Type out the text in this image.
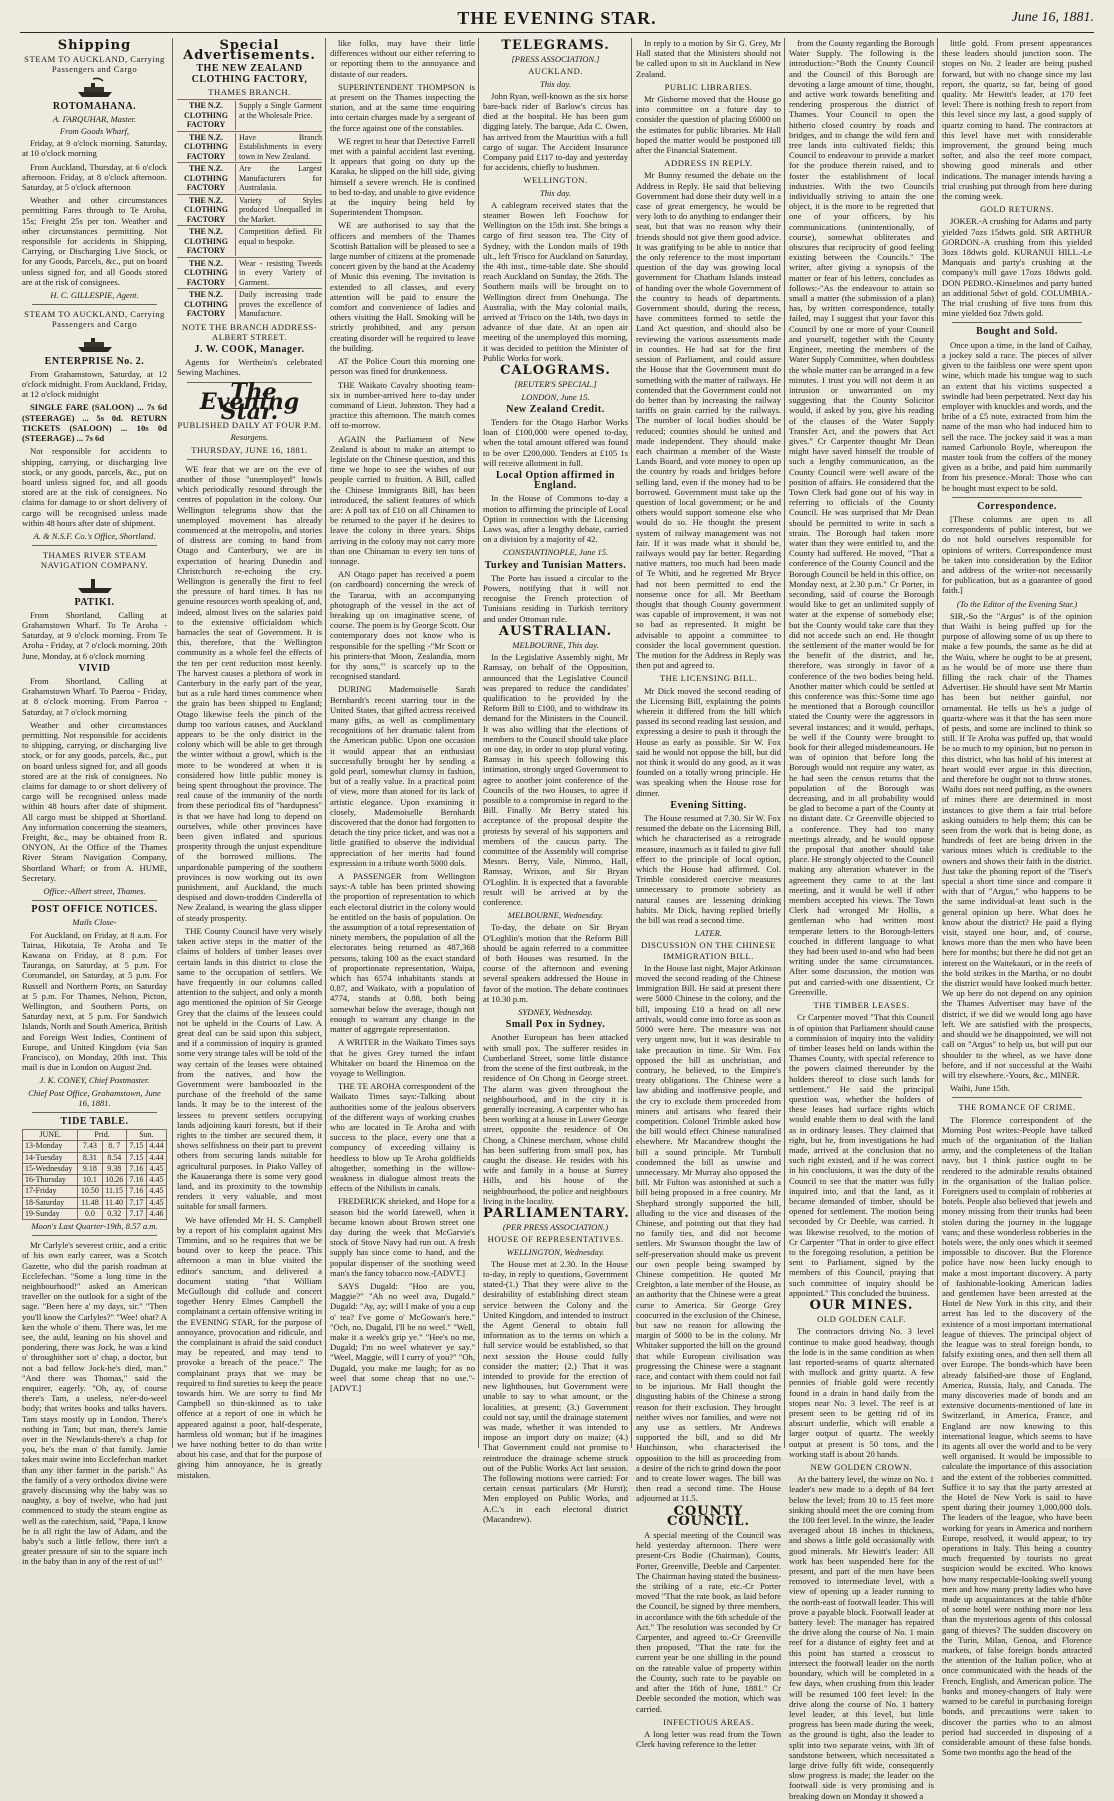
THE EVENING STAR.	June 16, 1881.

Shipping

STEAM TO AUCKLAND, Carrying Passengers and Cargo

ROTOMAHANA.

A. FARQUHAR, Master.

From Goods Wharf,

Friday, at 9 o'clock morning. Saturday, at 10 o'clock morning

From Auckland, Thursday, at 6 o'clock afternoon. Friday, at 8 o'clock afternoon. Saturday, at 5 o'clock afternoon

Weather and other circumstances permitting Fares through to Te Aroha, 15s; Freight 25s per ton. Weather and other circumstances permitting. Not responsible for accidents in Shipping, Carrying, or Discharging Live Stock, or for any Goods, Parcels, &c., put on board unless signed for, and all Goods stored are at the risk of consignees.

H. C. GILLESPIE, Agent.

STEAM TO AUCKLAND, Carrying Passengers and Cargo

ENTERPRISE No. 2.

From Grahamstown, Saturday, at 12 o'clock midnight. From Auckland, Friday, at 12 o'clock midnight

SINGLE FARE (SALOON) ... 7s 6d (STEERAGE) ... 5s 0d. RETURN TICKETS (SALOON) ... 10s 0d (STEERAGE) ... 7s 6d

Not responsible for accidents to shipping, carrying, or discharging live stock, or any goods, parcels, &c., put on board unless signed for, and all goods stored are at the risk of consignees. No claims for damage to or short delivery of cargo will be recognised unless made within 48 hours after date of shipment.

A. & N.S.F. Co.'s Office, Shortland.

THAMES RIVER STEAM NAVIGATION COMPANY.

PATIKI.

From Shortland, Calling at Grahamstown Wharf. To Te Aroha - Saturday, at 9 o'clock morning. From Te Aroha - Friday, at 7 o'clock morning. 20th June, Monday, at 6 o'clock morning

VIVID

From Shortland, Calling at Grahamstown Wharf. To Paeroa - Friday, at 8 o'clock morning. From Paeroa - Saturday, at 7 o'clock morning

Weather and other circumstances permitting. Not responsible for accidents to shipping, carrying, or discharging live stock, or for any goods, parcels, &c., put on board unless signed for, and all goods stored are at the risk of consignees. No claims for damage to or short delivery of cargo will be recognised unless made within 48 hours after date of shipment. All cargo must be shipped at Shortland. Any information concerning the steamers, Freight, &c., may be obtained from R. ONYON, At the Office of the Thames River Steam Navigation Company, Shortland Wharf; or from A. HUME, Secretary.

Office:-Albert street, Thames.

POST OFFICE NOTICES.

Mails Close-

For Auckland, on Friday, at 8 a.m. For Tairua, Hikutaia, Te Aroha and Te Kawana on Friday, at 8 p.m. For Tauranga, on Saturday, at 5 p.m. For Coromandel, on Saturday, at 5 p.m. For Russell and Northern Ports, on Saturday at 5 p.m. For Thames, Nelson, Picton, Wellington, and Southern Ports, on Saturday next, at 5 p.m. For Sandwich Islands, North and South America, British and Foreign West Indies, Continent of Europe, and United Kingdom (via San Francisco), on Monday, 20th inst. This mail is due in London on August 2nd.

J. K. CONEY, Chief Postmaster.

Chief Post Office, Grahamstown, June 16, 1881.

TIDE TABLE.

JUNE.	Prid.		Sun.	
13-Monday	7.43	8. 7	7.15	4.44
14-Tuesday	8.31	8.54	7.15	4.44
15-Wednesday	9.18	9.38	7.16	4.45
16-Thursday	10.1	10.26	7.16	4.45
17-Friday	10.50	11.15	7.16	4.45
18-Saturday	11.48	11.40	7.17	4.45
19-Sunday	0.0	0.32	7.17	4.46

Moon's Last Quarter-19th, 8.57 a.m.

Mr Carlyle's severest critic, and a critic of his own early career, was a Scotch Gazette, who did the parish roadman at Ecclefechan. "Some a long time in the neighbourhood!" asked an American traveller on the outlook for a sight of the sage. "Been here a' my days, sir." "Then you'll know the Carlyles?" "Wee! ohat? A ken the whole o' them. There was, let me see, the auld, leaning on his shovel and pondering, there was Jock, he was a kind o' throughither sort o' chap, a doctor, but not a bad fellow Jock-he's died, man." "And there was Thomas," said the enquirer, eagerly. "Oh, ay, of course there's Tam, a useless, ne'er-do-weel body; that writes books and talks havers. Tam stays mostly up in London. There's nothing in Tam; but man, there's Jamie over in the Newlands-there's a chap for you, he's the man o' that family. Jamie takes mair swine into Ecclefechan market than any ither farmer in the parish." As the family of a very orthodox divine were gravely discussing why the baby was so naughty, a boy of twelve, who had just commenced to study the steam engine as well as the catechism, said, "Papa, I know he is all right the law of Adam, and the baby's such a little fellow, there isn't a greater pressure of sin to the square inch in the baby than in any of the rest of us!"

Special Advertisements.

THE NEW ZEALAND CLOTHING FACTORY,

THAMES BRANCH.

THE N.Z. CLOTHING FACTORY
Supply a Single Garment at the Wholesale Price.
THE N.Z. CLOTHING FACTORY
Have Branch Establishments in every town in New Zealand.
THE N.Z. CLOTHING FACTORY
Are the Largest Manufacturers for Australasia.
THE N.Z. CLOTHING FACTORY
Variety of Styles produced Unequalled in the Market.
THE N.Z. CLOTHING FACTORY
Competition defied. Fit equal to bespoke.
THE N.Z. CLOTHING FACTORY
Wear - resisting Tweeds in every Variety of Garment.
THE N.Z. CLOTHING FACTORY
Daily increasing trade proves the excellence of Manufacture.

NOTE THE BRANCH ADDRESS- ALBERT STREET.

J. W. COOK, Manager.

Agents for Wertheim's celebrated Sewing Machines.

The Evening Star.

PUBLISHED DAILY AT FOUR P.M.

Resurgens.

THURSDAY, JUNE 16, 1881.

WE fear that we are on the eve of another of those "unemployed" howls which periodically resound through the centres of population in the colony. Our Wellington telegrams show that the unemployed movement has already commenced at the metropolis, and stories of distress are coming to hand from Otago and Canterbury, we are in expectation of hearing Dunedin and Christchurch re-echoing the cry. Wellington is generally the first to feel the pressure of hard times. It has no genuine resources worth speaking of, and, indeed, almost lives on the salaries paid to the extensive officialdom which barnacles the seat of Government. It is this, therefore, that the Wellington community as a whole feel the effects of the ten per cent reduction most keenly. The harvest causes a plethora of work in Canterbury in the early part of the year, but as a rule hard times commence when the grain has been shipped to England; Otago likewise feels the pinch of the dump too various causes, and Auckland appears to be the only district in the colony which will be able to get through the winter without a growl, which is the more to be wondered at when it is considered how little public money is being spent throughout the province. The real cause of the immunity of the north from these periodical fits of "hardupness" is that we have had long to depend on ourselves, while other provinces have been given inflated and spurious prosperity through the unjust expenditure of the borrowed millions. The unpardonable pampering of the southern provinces is now working out its own punishment, and Auckland, the much despised and down-trodden Cinderella of New Zealand, is wearing the glass slipper of steady prosperity.

THE County Council have very wisely taken active steps in the matter of the claims of holders of timber leases over certain lands in this district to close the same to the occupation of settlers. We have frequently in our columns called attention to the subject, and only a month ago mentioned the opinion of Sir George Grey that the claims of the lessees could not be upheld in the Courts of Law. A great deal can be said upon this subject, and if a commission of inquiry is granted some very strange tales will be told of the way certain of the leases were obtained from the natives, and how the Government were bamboozled in the purchase of the freehold of the same lands. It may be to the interest of the lessees to prevent settlers occupying lands adjoining kauri forests, but if their rights to the timber are secured them, it shows selfishness on their part to prevent others from securing lands suitable for agricultural purposes. In Piako Valley of the Kauaeranga there is some very good land, and its proximity to the township renders it very valuable, and most suitable for small farmers.

We have offended Mr H. S. Campbell by a report of his complaint against Mrs Timmins, and so he requires that we be bound over to keep the peace. This afternoon a man in blue visited the editor's sanctum, and delivered a document stating "that William McGullough did collude and concert together Henry Elmes Campbell the complainant a certain offensive writing in the EVENING STAR, for the purpose of annoyance, provocation and ridicule, and the complainant is afraid the said conduct may be repeated, and may tend to provoke a breach of the peace." The complainant prays that we may be required to find sureties to keep the peace towards him. We are sorry to find Mr Campbell so thin-skinned as to take offence at a report of one in which he appeared against a poor, half-desperate, harmless old woman; but if he imagines we have nothing better to do than write about his case, and that for the purpose of giving him annoyance, he is greatly mistaken.

like folks, may have their little differences without our either referring to or reporting them to the annoyance and distaste of our readers.

SUPERINTENDENT THOMPSON is at present on the Thames inspecting the station, and at the same time enquiring into certain charges made by a sergeant of the force against one of the constables.

WE regret to hear that Detective Farrell met with a painful accident last evening. It appears that going on duty up the Karaka, he slipped on the hill side, giving himself a severe wrench. He is confined to bed to-day, and unable to give evidence at the inquiry being held by Superintendent Thompson.

WE are authorised to say that the officers and members of the Thames Scottish Battalion will be pleased to see a large number of citizens at the promenade concert given by the band at the Academy of Music this evening. The invitation is extended to all classes, and every attention will be paid to ensure the comfort and convenience of ladies and others visiting the Hall. Smoking will be strictly prohibited, and any person creating disorder will be required to leave the building.

AT the Police Court this morning one person was fined for drunkenness.

THE Waikato Cavalry shooting team-six in number-arrived here to-day under command of Lieut. Johnston. They had a practice this afternoon. The match comes off to-morrow.

AGAIN the Parliament of New Zealand is about to make an attempt to legislate on the Chinese question, and this time we hope to see the wishes of our people carried to fruition. A Bill, called the Chinese Immigrants Bill, has been introduced, the salient features of which are: A poll tax of £10 on all Chinamen to be returned to the payer if he desires to leave the colony in three years. Ships arriving in the colony may not carry more than one Chinaman to every ten tons of tonnage.

AN Otago paper has received a poem (on cardboard) concerning the wreck of the Tararua, with an accompanying photograph of the vessel in the act of breaking up on imaginative scene, of course. The poem is by George Scott. Our contemporary does not know who is responsible for the spelling -"Mr Scott or his printers-that 'Moon, Zealandia, morn for thy sons,'" is scarcely up to the recognised standard.

DURING Mademoiselle Sarah Bernhardt's recent starring tour in the United States, that gifted actress received many gifts, as well as complimentary recognitions of her dramatic talent from the American public. Upon one occasion it would appear that an enthusiast successfully brought her by sending a gold pearl, somewhat clumsy in fashion, but of a really value. In a practical point of view, more than atoned for its lack of artistic elegance. Upon examining it closely, Mademoiselle Bernhardt discovered that the donor had forgotten to detach the tiny price ticket, and was not a little gratified to observe the individual appreciation of her merits had found expression in a tribute worth 5000 dols.

A PASSENGER from Wellington says:-A table has been printed showing the proportion of representation to which each electoral district in the colony would be entitled on the basis of population. On the assumption of a total representation of ninety members, the population of all the electorates being returned as 487,368 persons, taking 100 as the exact standard of proportionate representation, Waipa, which has 6574 inhabitants stands at 0.87, and Waikato, with a population of 4774, stands at 0.88, both being somewhat below the average, though not enough to warrant any change in the matter of aggregate representation.

A WRITER in the Waikato Times says that he gives Grey turned the infant Whitaker on board the Hinemoa on the voyage to Wellington.

THE TE AROHA correspondent of the Waikato Times says:-Talking about authorities some of the jealous observers of the different ways of working crushes who are located in Te Aroha and with success to the place, every one that a compuncy of exceeding villainy is heedless to blow up Te Aroha goldfields altogether, something in the willow-weakness in dialogue almost treats the effects of the Nihilists in canals.

FREDERICK shrieked, and Hope for a season bid the world farewell, when it became known about Brown street one day during the week that McGarvie's stock of Stove Navy had run out. A fresh supply has since come to hand, and the popular dispenser of the soothing weed man's the fancy tobacco now.-[ADVT.]

SAYS Dugald: "Hoo are you, Maggie?" "Ah no weel ava, Dugald." Dugald: "Ay, ay; will I make of you a cup o' tea? I've gome o' McGowan's here." "Och, no, Dugald, I'll be no weel." "Well, make it a week's grip ye." "Hee's no me, Dugald; I'm no weel whatever ye say." "Weel, Maggie, will I curry of you?" "Oh, Dugald, you make me laugh; for as no weel that some cheap that no use."-[ADVT.]

TELEGRAMS.

[PRESS ASSOCIATION.]

AUCKLAND.

This day.

John Ryan, well-known as the six horse bare-back rider of Barlow's circus has died at the hospital. He has been gum digging lately. The barque, Ada C. Owen, has arrived from the Mauritius with a full cargo of sugar. The Accident Insurance Company paid £117 to-day and yesterday for accidents, chiefly to bushmen.

WELLINGTON.

This day.

A cablegram received states that the steamer Bowen left Foochow for Wellington on the 15th inst. She brings a cargo of first season tea. The City of Sydney, with the London mails of 19th ult., left 'Frisco for Auckland on Saturday, the 4th inst., time-table date. She should reach Auckland on Sunday, the 26th. The Southern mails will be brought on to Wellington direct from Onehunga. The Australia, with the May colonial mails, arrived at 'Frisco on the 14th, two days in advance of due date. At an open air meeting of the unemployed this morning, it was decided to petition the Minister of Public Works for work.

CALOGRAMS.

[REUTER'S SPECIAL.]

LONDON, June 15.

New Zealand Credit.

Tenders for the Otago Harbor Works loan of £100,000 were opened to-day, when the total amount offered was found to be over £200,000. Tenders at £105 1s will receive allotment in full.

Local Option affirmed in England.

In the House of Commons to-day a motion to affirming the principle of Local Option in connection with the Licensing Laws was, after a lengthy debate, carried on a division by a majority of 42.

CONSTANTINOPLE, June 15.

Turkey and Tunisian Matters.

The Porte has issued a circular to the Powers, notifying that it will not recognise the French protection of Tunisians residing in Turkish territory and under Ottoman rule.

AUSTRALIAN.

MELBOURNE, This day.

In the Legislative Assembly night, Mr Ramsay, on behalf of the Opposition, announced that the Legislative Council was prepared to reduce the candidates' qualification to be provided by the Reform Bill to £100, and to withdraw its demand for the Ministers in the Council. It was also willing that the elections of members to the Council should take place on one day, in order to stop plural voting. Ramsay in his speech following this intimation, strongly urged Government to agree to another joint conference of the Councils of the two Houses, to agree if possible to a compromise in regard to the Bill. Finally Mr Berry stated his acceptance of the proposal despite the protests by several of his supporters and members of the caucus party. The committee of the Assembly will comprise Messrs. Berry, Vale, Nimmo, Hall, Ramsay, Wrixon, and Sir Bryan O'Loghlin. It is expected that a favorable result will be arrived at by the conference.

MELBOURNE, Wednesday.

To-day, the debate on Sir Bryan O'Loghlin's motion that the Reform Bill should be again referred to a committee of both Houses was resumed. In the course of the afternoon and evening several speakers addressed the House in favor of the motion. The debate continues at 10.30 p.m.

SYDNEY, Wednesday.

Small Pox in Sydney.

Another European has been attacked with small pox. The sufferer resides in Cumberland Street, some little distance from the scene of the first outbreak, in the residence of On Chong in George street. The alarm was given throughout the neighbourhood, and in the city it is generally increasing. A carpenter who has been working at a house in Lower George street, opposite the residence of On Chong, a Chinese merchant, whose child has been suffering from small pox, has caught the disease. He resides with his wife and family in a house at Surrey Hills, and his house of the neighbourhood, the police and neighbours living in the locality.

PARLIAMENTARY.

(PER PRESS ASSOCIATION.)

HOUSE OF REPRESENTATIVES.

WELLINGTON, Wednesday.

The House met at 2.30. In the House to-day, in reply to questions, Government stated-(1.) That they were alive to the desirability of establishing direct steam service between the Colony and the United Kingdom, and intended to instruct the Agent General to obtain full information as to the terms on which a full service would be established, so that next session the House could fully consider the matter; (2.) That it was intended to provide for the erection of new lighthouses, but Government were unable to say to what amount, or the localities, at present; (3.) Government could not say, until the drainage statement was made, whether it was intended to impose an import duty on maize; (4.) That Government could not promise to reintroduce the drainage scheme struck out of the Public Works Act last session. The following motions were carried: For certain census particulars (Mr Hurst); Men employed on Public Works, and A.C.'s in each electoral district (Macandrew).

In reply to a motion by Sir G. Grey, Mr Hall stated that the Ministers should not be called upon to sit in Auckland in New Zealand.

PUBLIC LIBRARIES.

Mr Gisborne moved that the House go into committee on a future day to consider the question of placing £6000 on the estimates for public libraries. Mr Hall hoped the matter would be postponed till after the Financial Statement.

ADDRESS IN REPLY.

Mr Bunny resumed the debate on the Address in Reply. He said that believing Government had done their duty well in a case of great emergency, he would be very loth to do anything to endanger their seat, but that was no reason why their friends should not give them good advice. It was gratifying to be able to notice that the only reference to the most important question of the day was growing local government for Chatham Islands instead of handing over the whole Government of the country to heads of departments. Government should, during the recess, have committees formed to settle the Land Act question, and should also be reviewing the various assessments made in counties. He had sat for the first session of Parliament, and could assure the House that the Government must do something with the matter of railways. He contended that the Government could not do better than by increasing the railway tariffs on grain carried by the railways. The number of local bodies should be reduced; counties should be united and made independent. They should make each chairman a member of the Waste Lands Board, and vote money to open up the country by roads and bridges before selling land, even if the money had to be borrowed. Government must take up the question of local government; or he and others would support someone else who would do so. He thought the present system of railway management was not fair. If it was made what it should be, railways would pay far better. Regarding native matters, too much had been made of Te Whiti, and he regretted Mr Bryce had not been permitted to end the nonsense once for all. Mr Beetham thought that though County government was capable of improvement, it was not so bad as represented. It might be advisable to appoint a committee to consider the local government question. The motion for the Address in Reply was then put and agreed to.

THE LICENSING BILL.

Mr Dick moved the second reading of the Licensing Bill, explaining the points wherein it differed from the bill which passed its second reading last session, and expressing a desire to push it through the House as early as possible. Sir W. Fox said he would not oppose the bill, but did not think it would do any good, as it was founded on a totally wrong principle. He was speaking when the House rose for dinner.

Evening Sitting.

The House resumed at 7.30. Sir W. Fox resumed the debate on the Licensing Bill, which he characterised as a retrograde measure, inasmuch as it failed to give full effect to the principle of local option, which the House had affirmed. Col. Trimble considered coercive measures unnecessary to promote sobriety as natural causes are lessening drinking habits. Mr Dick, having replied briefly the bill was read a second time.

LATER.

DISCUSSION ON THE CHINESE IMMIGRATION BILL.

In the House last night, Major Atkinson moved the second reading of the Chinese Immigration Bill. He said at present there were 5000 Chinese in the colony, and the bill, imposing £10 a head on all new arrivals, would come into force as soon as 5000 were here. The measure was not very urgent now, but it was desirable to take precaution in time. Sir Wm. Fox opposed the bill as unchristian, and contrary, he believed, to the Empire's treaty obligations. The Chinese were a law abiding and inoffensive people, and the cry to exclude them proceeded from miners and artisans who feared their competition. Colonel Trimble asked how the bill would effect Chinese naturalised elsewhere. Mr Macandrew thought the bill a sound principle. Mr Turnbull condemned the bill as unwise and unnecessary. Mr Murray also opposed the bill. Mr Fulton was astonished at such a bill being proposed in a free country. Mr Shephard strongly supported the bill, alluding to the vice and diseases of the Chinese, and pointing out that they had no family ties, and did not become settlers. Mr Swanson thought the law of self-preservation should make us prevent our own people being swamped by Chinese competition. He quoted Mr Creighton, a late member of the House, as an authority that the Chinese were a great curse to America. Sir George Grey concurred in the exclusion of the Chinese, but saw no reason for allowing the margin of 5000 to be in the colony. Mr Whitaker supported the bill on the ground that while European civilisation was progressing the Chinese were a stagnant race, and contact with them could not fail to be injurious. Mr Hall thought the disgusting habits of the Chinese a strong reason for their exclusion. They brought neither wives nor families, and were not any use as settlers. Mr Andrews supported the bill, and so did Mr Hutchinson, who characterised the opposition to the bill as proceeding from a desire of the rich to grind down the poor and to create lower wages. The bill was then read a second time. The House adjourned at 11.5.

COUNTY COUNCIL.

A special meeting of the Council was held yesterday afternoon. There were present-Crs Bodie (Chairman), Coutts, Porter, Greenville, Deeble and Carpenter. The Chairman having stated the business-the striking of a rate, etc.-Cr Porter moved "That the rate book, as laid before the Council, be signed by three members, in accordance with the 6th schedule of the Act." The resolution was seconded by Cr Carpenter, and agreed to.-Cr Greenville then proposed, "That the rate for the current year be one shilling in the pound on the rateable value of property within the County, such rate to be payable on and after the 16th of June, 1881." Cr Deeble seconded the motion, which was carried.

INFECTIOUS AREAS.

A long letter was read from the Town Clerk having reference to the letter

from the County regarding the Borough Water Supply. The following is the introduction:-"Both the County Council and the Council of this Borough are devoting a large amount of time, thought, and active work towards benefiting and rendering prosperous the district of Thames. Your Council to open the hitherto closed country by roads and bridges, and to change the wild fern and tree lands into cultivated fields; this Council to endeavour to provide a market for the produce therein raised, and to foster the establishment of local industries. With the two Councils individually striving to attain the one object, it is the more to be regretted that one of your officers, by his communications (unintentionally, of course), somewhat obliterates and obscures that reciprocity of good feeling existing between the Councils." The writer, after giving a synopsis of the matter or fear of his letters, concludes as follows:-"As the endeavour to attain so small a matter (the submission of a plan) has, by written correspondence, totally failed, may I suggest that your favor this Council by one or more of your Council and yourself, together with the County Engineer, meeting the members of the Water Supply Committee, when doubtless the whole matter can be arranged in a few minutes. I trust you will not deem it an intrusion or unwarranted on my suggesting that the County Solicitor would, if asked by you, give his reading of the clauses of the Water Supply Transfer Act, and the powers that Act gives." Cr Carpenter thought Mr Dean might have saved himself the trouble of such a lengthy communication, as the County Council were well aware of the position of affairs. He considered that the Town Clerk had gone out of his way in referring to officials of the County Council. He was surprised that Mr Dean should be permitted to write in such a strain. The Borough had taken more water than they were entitled to, and the County had suffered. He moved, "That a conference of the County Council and the Borough Council be held in this office, on Monday next, at 2.30 p.m." Cr Porter, in seconding, said of course the Borough would like to get an unlimited supply of water at the expense of somebody else; but the County would take care that they did not accede such an end. He thought the settlement of the matter would be for the benefit of the district, and he, therefore, was strongly in favor of a conference of the two bodies being held. Another matter which could be settled at this conference was this:-Some time ago he mentioned that a Borough councillor stated the County were the aggressors in several instances; and it would, perhaps, be well if the County were brought to book for their alleged misdemeanours. He was of opinion that before long the Borough would not require any water, as he had seen the census returns that the population of the Borough was decreasing, and in all probability would be glad to become a part of the County at no distant date. Cr Greenville objected to a conference. They had too many meetings already, and he would oppose the proposal that another should take place. He strongly objected to the Council making any alteration whatever in the agreement they came to at the last meeting, and it would be well if other members accepted his views. The Town Clerk had wronged Mr Hollis, a gentleman who had written most temperate letters to the Borough-letters couched in different language to what they had been used to-and who had been writing under the same circumstances. After some discussion, the motion was put and carried-with one dissentient, Cr Greenville.

THE TIMBER LEASES.

Cr Carpenter moved "That this Council is of opinion that Parliament should cause a commission of inquiry into the validity of timber leases held on lands within the Thames County, with special reference to the powers claimed thereunder by the holders thereof to close such lands for settlement." He said the principal question was, whether the holders of these leases had surface rights which would enable them to deal with the land as in ordinary leases. They claimed that right, but he, from investigations he had made, arrived at the conclusion that no such right existed, and if he was correct in his conclusions, it was the duty of the Council to see that the matter was fully inquired into, and that the land, as it became demanded of timber, should be opened for settlement. The motion being seconded by Cr Deeble, was carried. It was likewise resolved, to the motion of Cr Carpenter "That in order to give effect to the foregoing resolution, a petition be sent to Parliament, signed by the members of this Council, praying that such committee of inquiry should be appointed." This concluded the business.

OUR MINES.

OLD GOLDEN CALF.

The contractors driving No. 3 level continue to make good headway, though the lode is in the same condition as when last reported-seams of quartz alternated with mullock and gritty quartz. A few pennies of friable gold were recently found in a drain in hand daily from the stopes near No. 3 level. The reef is at present seen to be getting rid of its abscurt underlie, which will enable a larger output of quartz. The weekly output at present is 50 tons, and the working staff is about 20 hands.

NEW GOLDEN CROWN.

At the battery level, the winze on No. 1 leader's new made to a depth of 84 feet below the level; from 10 to 15 feet more sinking should meet the ore coming from the 100 feet level. In the winze, the leader averaged about 18 inches in thickness, and shows a little gold occasionally with good minerals. Mr Hewitt's leader: All work has been suspended here for the present, and part of the men have been removed to intermediate level, with a view of opening up a leader running to the north-east of footwall leader. This will prove a payable block. Footwall leader at battery level: The manager has repaired the drive along the course of No. 1 main reef for a distance of eighty feet and at this point has started a crosscut to intersect the footwall leader on the north boundary, which will be completed in a few days, when crushing from this leader will be resumed 100 feet level: In the drive along the course of No. 1 battery level leader, at this level, but little progress has been made during the week, as the ground is tight, also the leader to split into two separate veins, with 3ft of sandstone between, which necessitated a large drive fully 6ft wide, consequently slow progress is made; the leader on the footwall side is very promising and is breaking down on Monday it showed a

little gold. From present appearances these leaders should junction soon. The stopes on No. 2 leader are being pushed forward, but with no change since my last report, the quartz, so far, being of good quality. Mr Hewitt's leader, at 170 feet level: There is nothing fresh to report from this level since my last, a good supply of quartz coming to hand. The contractors at this level have met with considerable improvement, the ground being much softer, and also the reef more compact, showing good minerals and other indications. The manager intends having a trial crushing put through from here during the coming week.

GOLD RETURNS.

JOKER.-A crushing for Adams and party yielded 7ozs 15dwts gold. SIR ARTHUR GORDON.-A crushing from this yielded 3ozs 18dwts gold. KURANUI HILL.-Le Manquais and party's crushing at the company's mill gave 17ozs 18dwts gold. DON PEDRO.-Kinselmos and party batted an additional 5dwt of gold. COLUMBIA.-The trial crushing of five tons from this mine yielded 6oz 7dwts gold.

Bought and Sold.

Once upon a time, in the land of Caihay, a jockey sold a race. The pieces of silver given to the faithless one were spent upon wine, which made his tongue wag to such an extent that his victims suspected a swindle had been perpetrated. Next day his employer with knuckles and words, and the bribe of a £5 note, extracted from him the name of the man who had induced him to sell the race. The jockey said it was a man named Carbonolo Boyle, whereupon the master took from the coffers of the money given as a bribe, and paid him summarily from his presence.-Moral: Those who can be bought must expect to be sold.

Correspondence.

[These columns are open to all correspondents of public interest, but we do not hold ourselves responsible for opinions of writers. Correspondence must be taken into consideration by the Editor and address of the writer-not necessarily for publication, but as a guarantee of good faith.]

(To the Editor of the Evening Star.)

SIR,-So the "Argus" is of the opinion that Waihi is being puffed up for the purpose of allowing some of us up there to make a few pounds, the same as he did at the Waiu, where he ought to be at present, as he would be of more use there than filling the rack chair of the Thames Advertiser. He should have sent Mr Martin has been but neither gainful, nor ornamental. He tells us he's a judge of quartz-where was it that the has seen more of pests, and some are inclined to think so still. If Te Aroha was puffed up, that would be so much to my opinion, but no person in this district, who has hold of his interest at heart would ever argue in this direction, and therefore he ought not to throw stones. Waihi does not need puffing, as the owners of mines there are determined in most instances to give them a fair trial before asking outsiders to help them; this can be seen from the work that is being done, as hundreds of feet are being driven in the various mines which is creditable to the owners and shows their faith in the district. Just take the phoning report of the 'Tiser's special a short time since and compare it with that of "Argus," who happens to be the same individual-at least such is the general opinion up here. What does he know about the district? He paid a flying visit, stayed one hour, and, of course, knows more than the men who have been here for months; but there he did not get an interest on the Waitekauri, or in the reefs of the bold strikes in the Martha, or no doubt the district would have looked much better. We up here do not depend on any opinion the Thames Advertiser may have of the district, if we did we would long ago have left. We are satisfied with the prospects, and should we be disappointed, we will not call on "Argus" to help us, but will put our shoulder to the wheel, as we have done before, and if not successful at the Waihi will try elsewhere.-Yours, &c., MINER.

Waihi, June 15th.

THE ROMANCE OF CRIME.

The Florence correspondent of the Morning Post writes:-People have talked much of the organisation of the Italian army, and the completeness of the Italian navy, but I think justice ought to be rendered to the admirable results obtained in the organisation of the Italian police. Foreigners used to complain of robberies at hotels. People also believed that jewels and money missing from their trunks had been stolen during the journey in the luggage vans; and these wonderless robberies in the hotels were, the only ones which it seemed impossible to discover. But the Florence police have now been lucky enough to make a most important discovery. A party of fashionable-looking American ladies and gentlemen have been arrested at the Hotel de New York in this city, and their arrest has led to the discovery of the existence of a most important international league of thieves. The principal object of the league was to steal foreign bonds, to falsify existing ones, and then sell them all over Europe. The bonds-which have been already falsified-are those of England, America, Russia, Italy, and Canada. The many discoveries made of bonds and an extensive documents-mentioned of late in Switzerland, in America, France, and England are now knowing to this international league, which seems to have its agents all over the world and to be very well organised. It would be impossible to calculate the importance of this association and the extent of the robberies committed. Suffice it to say that the party arrested at the Hotel de New York is said to have spent during their journey 1,000,000 dols. The leaders of the league, who have been working for years in America and northern Europe, resolved, it would appear, to try operations in Italy. This being a country much frequented by tourists no great suspicion would be excited. Who knows how many respectable-looking swell young men and how many pretty ladies who have made up acquaintances at the table d'hôte of some hotel were nothing more nor less than the mysterious agents of this colossal gang of thieves? The sudden discovery on the Turin, Milan, Genoa, and Florence markets, of false foreign bonds attracted the attention of the Italian police, who at once communicated with the heads of the French, English, and American police. The banks and money-changers of Italy were warned to be careful in purchasing foreign bonds, and precautions were taken to discover the parties who to an almost period had succeeded in disposing of a considerable amount of these false bonds. Some two months ago the head of the
